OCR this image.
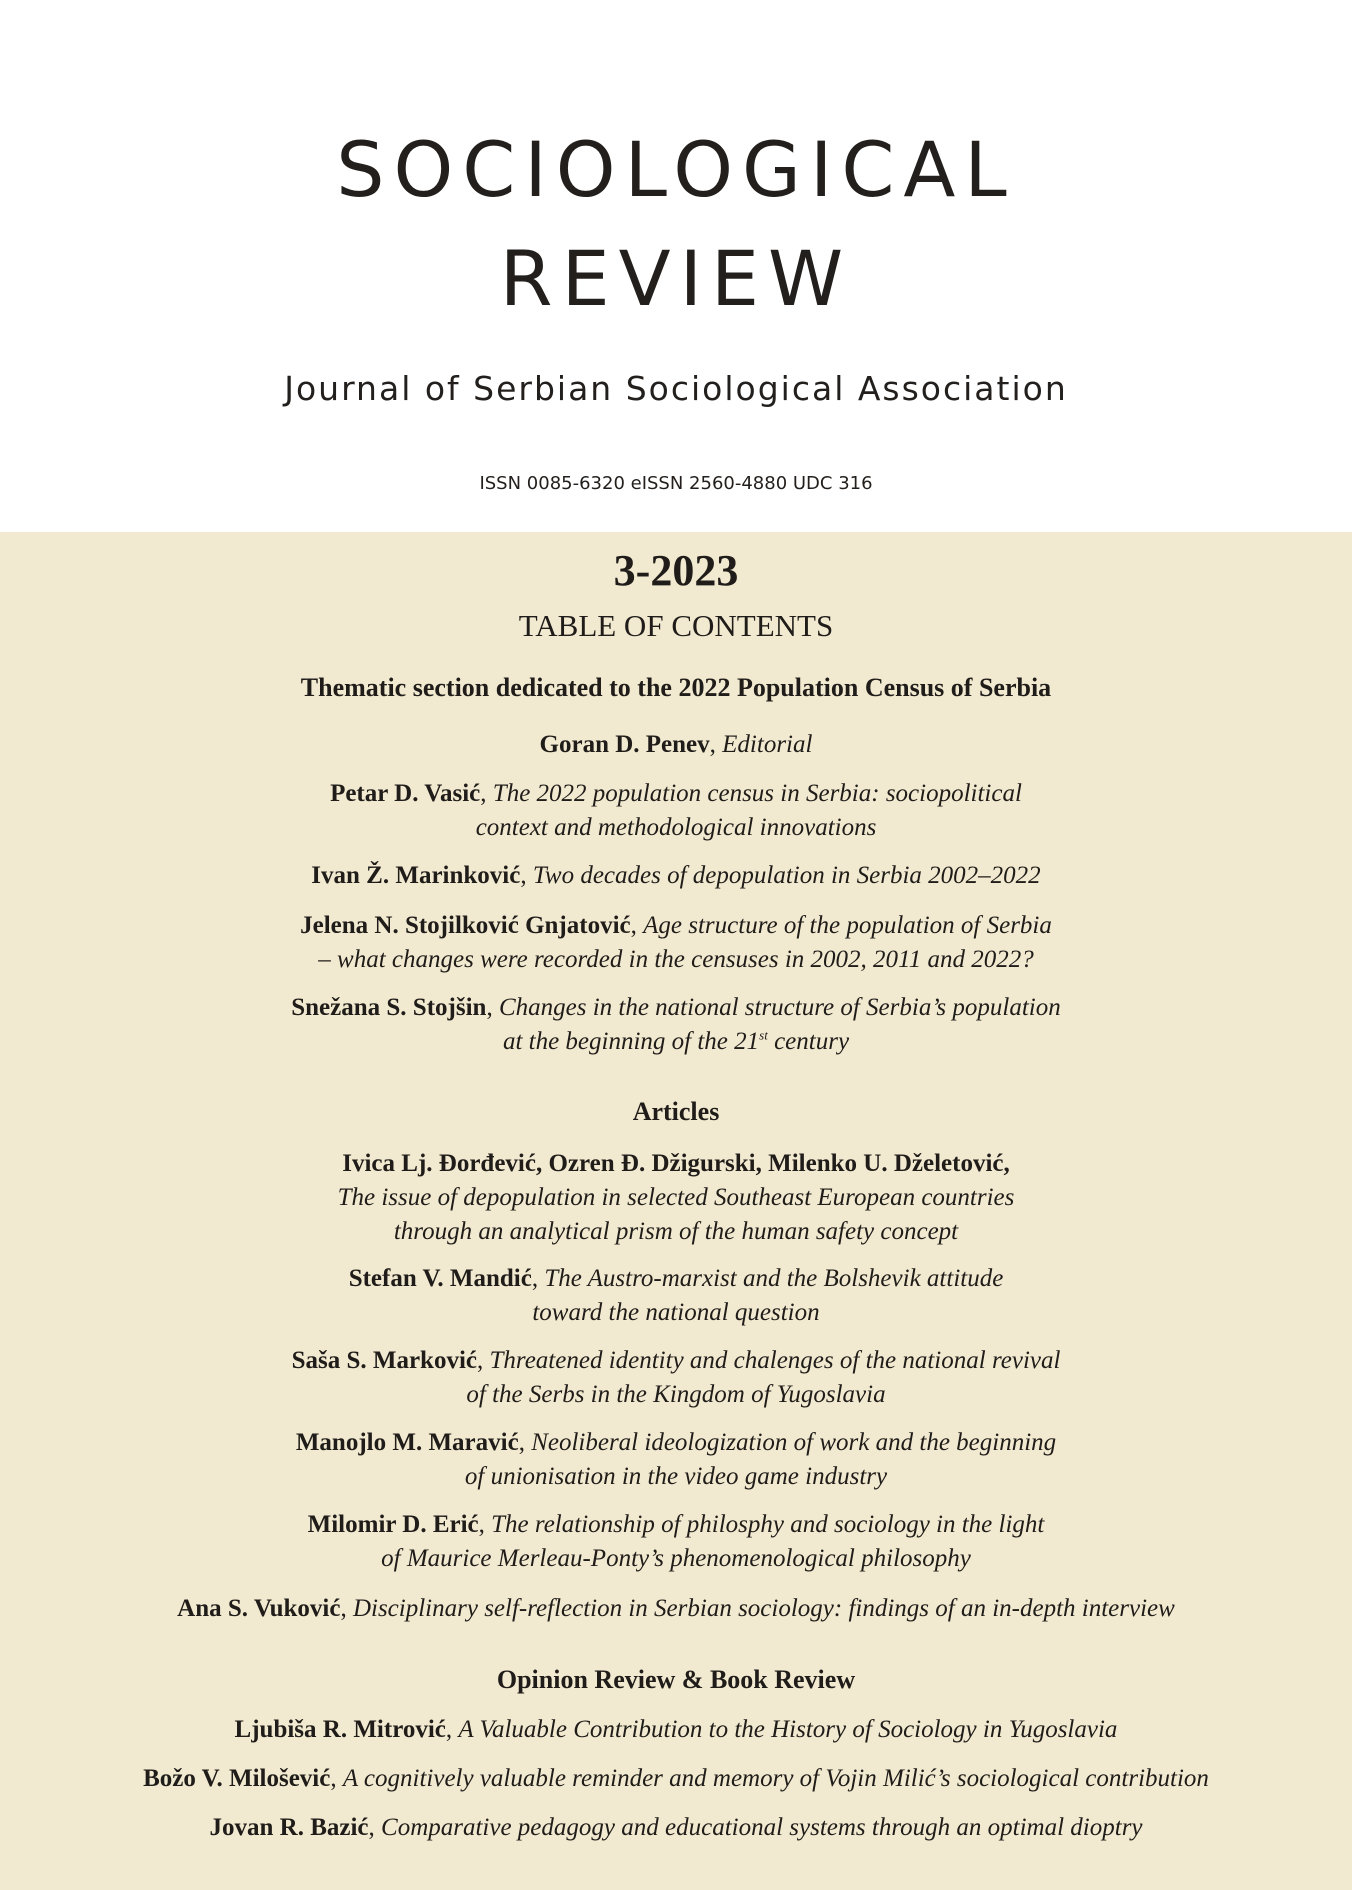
SOCIOLOGICAL
REVIEW
Journal of Serbian Sociological Association
ISSN 0085-6320 eISSN 2560-4880 UDC 316
3-2023
TABLE OF CONTENTS
Thematic section dedicated to the 2022 Population Census of Serbia
Goran D. Penev, Editorial
Petar D. Vasić, The 2022 population census in Serbia: sociopolitical
context and methodological innovations
Ivan Ž. Marinković, Two decades of depopulation in Serbia 2002–2022
Jelena N. Stojilković Gnjatović, Age structure of the population of Serbia
– what changes were recorded in the censuses in 2002, 2011 and 2022?
Snežana S. Stojšin, Changes in the national structure of Serbia’s population
at the beginning of the 21st century
Articles
Ivica Lj. Đorđević, Ozren Đ. Džigurski, Milenko U. Dželetović,
The issue of depopulation in selected Southeast European countries
through an analytical prism of the human safety concept
Stefan V. Mandić, The Austro-marxist and the Bolshevik attitude
toward the national question
Saša S. Marković, Threatened identity and chalenges of the national revival
of the Serbs in the Kingdom of Yugoslavia
Manojlo M. Maravić, Neoliberal ideologization of work and the beginning
of unionisation in the video game industry
Milomir D. Erić, The relationship of philosphy and sociology in the light
of Maurice Merleau-Ponty’s phenomenological philosophy
Ana S. Vuković, Disciplinary self-reflection in Serbian sociology: findings of an in-depth interview
Opinion Review & Book Review
Ljubiša R. Mitrović, A Valuable Contribution to the History of Sociology in Yugoslavia
Božo V. Milošević, A cognitively valuable reminder and memory of Vojin Milić’s sociological contribution
Jovan R. Bazić, Comparative pedagogy and educational systems through an optimal dioptry
